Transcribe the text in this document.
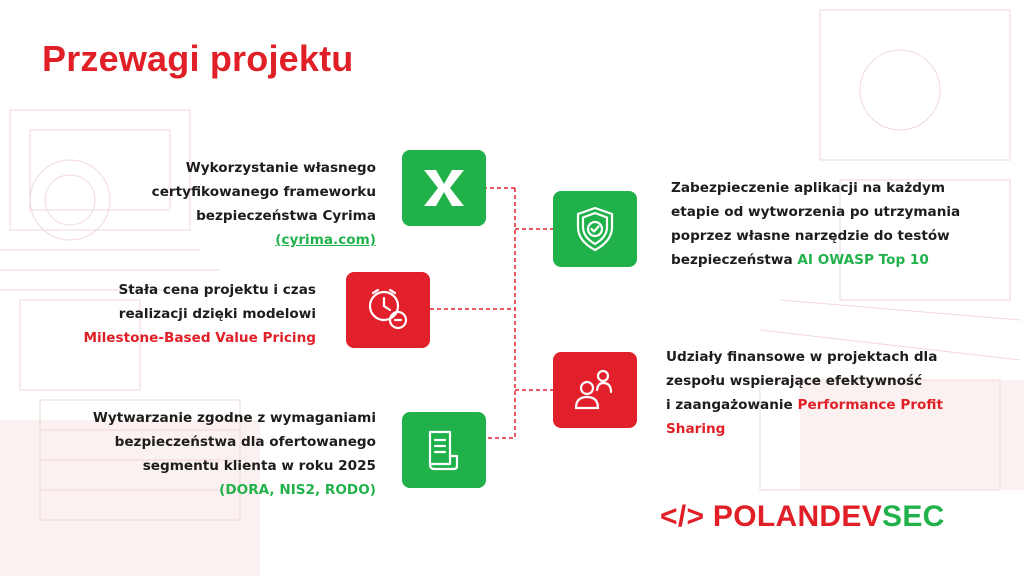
Przewagi projektu
Wykorzystanie własnego
certyfikowanego frameworku
bezpieczeństwa Cyrima (cyrima.com)
Stała cena projektu i czas
realizacji dzięki modelowi
Milestone-Based Value Pricing
Wytwarzanie zgodne z wymaganiami
bezpieczeństwa dla ofertowanego
segmentu klienta w roku 2025
(DORA, NIS2, RODO)
Zabezpieczenie aplikacji na każdym
etapie od wytworzenia po utrzymania
poprzez własne narzędzie do testów
bezpieczeństwa AI OWASP Top 10
Udziały finansowe w projektach dla
zespołu wspierające efektywność
i zaangażowanie Performance Profit
Sharing
</> POLANDEVSEC
